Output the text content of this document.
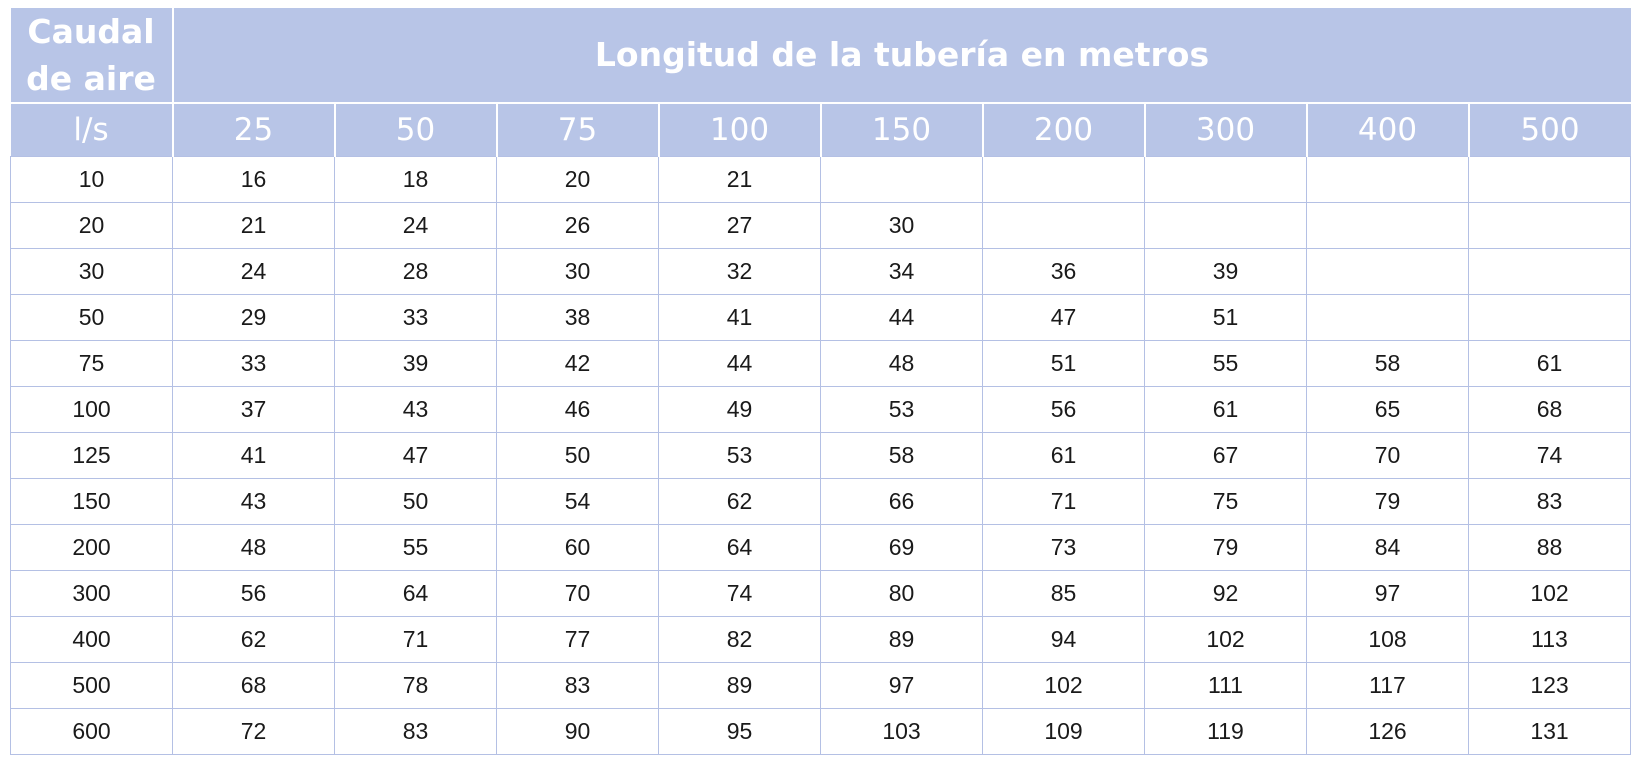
Caudal
de aire	Longitud de la tubería en metros								
l/s	25	50	75	100	150	200	300	400	500
10	16	18	20	21					
20	21	24	26	27	30				
30	24	28	30	32	34	36	39		
50	29	33	38	41	44	47	51		
75	33	39	42	44	48	51	55	58	61
100	37	43	46	49	53	56	61	65	68
125	41	47	50	53	58	61	67	70	74
150	43	50	54	62	66	71	75	79	83
200	48	55	60	64	69	73	79	84	88
300	56	64	70	74	80	85	92	97	102
400	62	71	77	82	89	94	102	108	113
500	68	78	83	89	97	102	111	117	123
600	72	83	90	95	103	109	119	126	131
